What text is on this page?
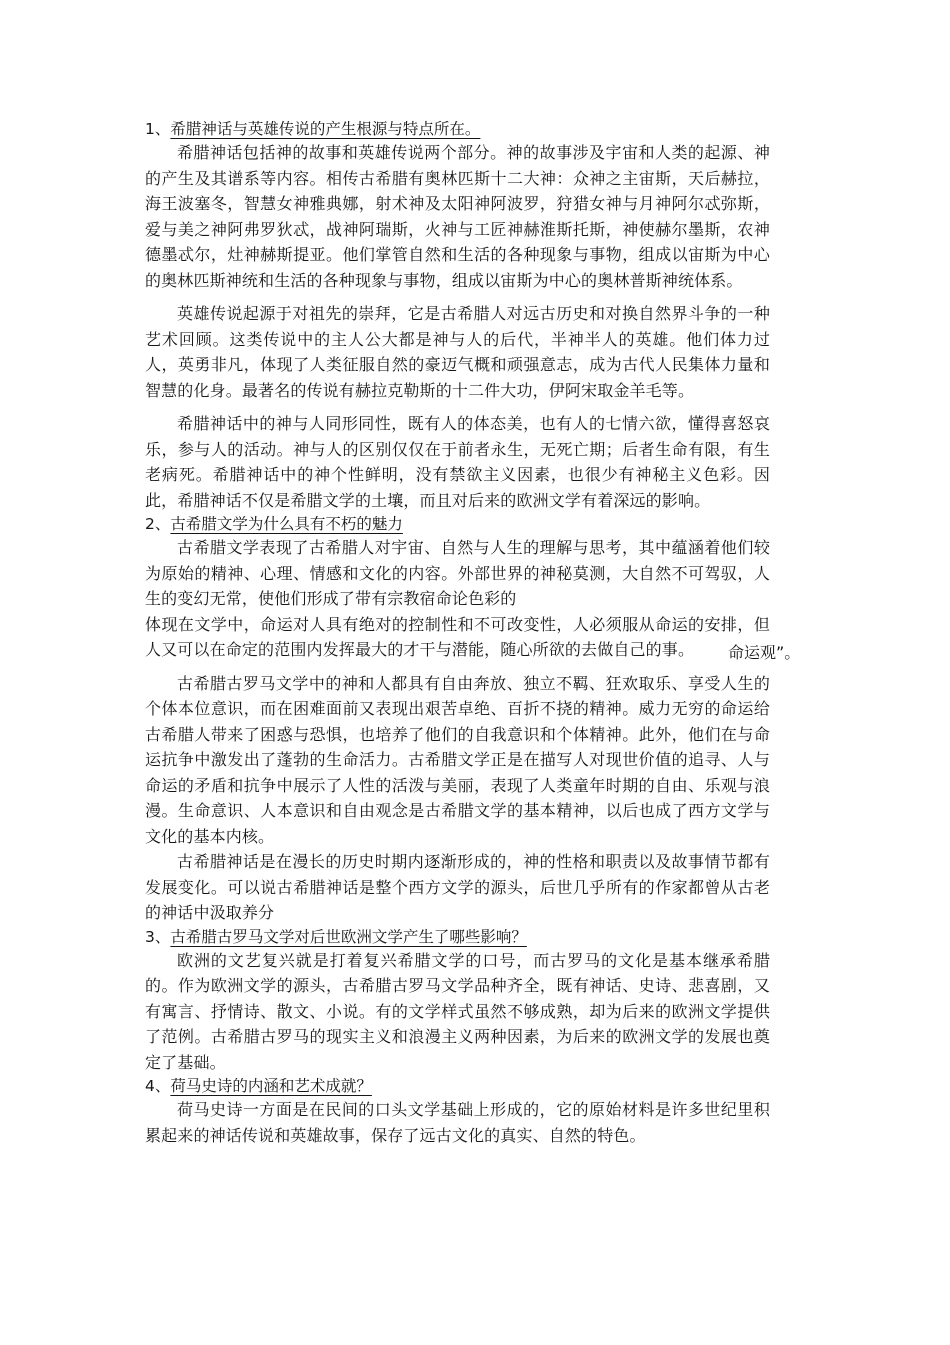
1、希腊神话与英雄传说的产生根源与特点所在。

希腊神话包括神的故事和英雄传说两个部分。神的故事涉及宇宙和人类的起源、神的产生及其谱系等内容。相传古希腊有奥林匹斯十二大神：众神之主宙斯，天后赫拉，海王波塞冬，智慧女神雅典娜，射术神及太阳神阿波罗，狩猎女神与月神阿尔忒弥斯，爱与美之神阿弗罗狄忒，战神阿瑞斯，火神与工匠神赫淮斯托斯，神使赫尔墨斯，农神德墨忒尔，灶神赫斯提亚。他们掌管自然和生活的各种现象与事物，组成以宙斯为中心的奥林匹斯神统和生活的各种现象与事物，组成以宙斯为中心的奥林普斯神统体系。

英雄传说起源于对祖先的崇拜，它是古希腊人对远古历史和对换自然界斗争的一种艺术回顾。这类传说中的主人公大都是神与人的后代，半神半人的英雄。他们体力过人，英勇非凡，体现了人类征服自然的豪迈气概和顽强意志，成为古代人民集体力量和智慧的化身。最著名的传说有赫拉克勒斯的十二件大功，伊阿宋取金羊毛等。

希腊神话中的神与人同形同性，既有人的体态美，也有人的七情六欲，懂得喜怒哀乐，参与人的活动。神与人的区别仅仅在于前者永生，无死亡期；后者生命有限，有生老病死。希腊神话中的神个性鲜明，没有禁欲主义因素，也很少有神秘主义色彩。因此，希腊神话不仅是希腊文学的土壤，而且对后来的欧洲文学有着深远的影响。

2、古希腊文学为什么具有不朽的魅力

古希腊文学表现了古希腊人对宇宙、自然与人生的理解与思考，其中蕴涵着他们较为原始的精神、心理、情感和文化的内容。外部世界的神秘莫测，大自然不可驾驭，人生的变幻无常，使他们形成了带有宗教宿命论色彩的

体现在文学中，命运对人具有绝对的控制性和不可改变性，人必须服从命运的安排，但人又可以在命定的范围内发挥最大的才干与潜能，随心所欲的去做自己的事。

古希腊古罗马文学中的神和人都具有自由奔放、独立不羁、狂欢取乐、享受人生的个体本位意识，而在困难面前又表现出艰苦卓绝、百折不挠的精神。威力无穷的命运给古希腊人带来了困惑与恐惧，也培养了他们的自我意识和个体精神。此外，他们在与命运抗争中激发出了蓬勃的生命活力。古希腊文学正是在描写人对现世价值的追寻、人与命运的矛盾和抗争中展示了人性的活泼与美丽，表现了人类童年时期的自由、乐观与浪漫。生命意识、人本意识和自由观念是古希腊文学的基本精神，以后也成了西方文学与文化的基本内核。

古希腊神话是在漫长的历史时期内逐渐形成的，神的性格和职责以及故事情节都有发展变化。可以说古希腊神话是整个西方文学的源头，后世几乎所有的作家都曾从古老的神话中汲取养分

3、古希腊古罗马文学对后世欧洲文学产生了哪些影响？

欧洲的文艺复兴就是打着复兴希腊文学的口号，而古罗马的文化是基本继承希腊的。作为欧洲文学的源头，古希腊古罗马文学品种齐全，既有神话、史诗、悲喜剧，又有寓言、抒情诗、散文、小说。有的文学样式虽然不够成熟，却为后来的欧洲文学提供了范例。古希腊古罗马的现实主义和浪漫主义两种因素，为后来的欧洲文学的发展也奠定了基础。

4、荷马史诗的内涵和艺术成就？

荷马史诗一方面是在民间的口头文学基础上形成的，它的原始材料是许多世纪里积累起来的神话传说和英雄故事，保存了远古文化的真实、自然的特色。

命运观”。
